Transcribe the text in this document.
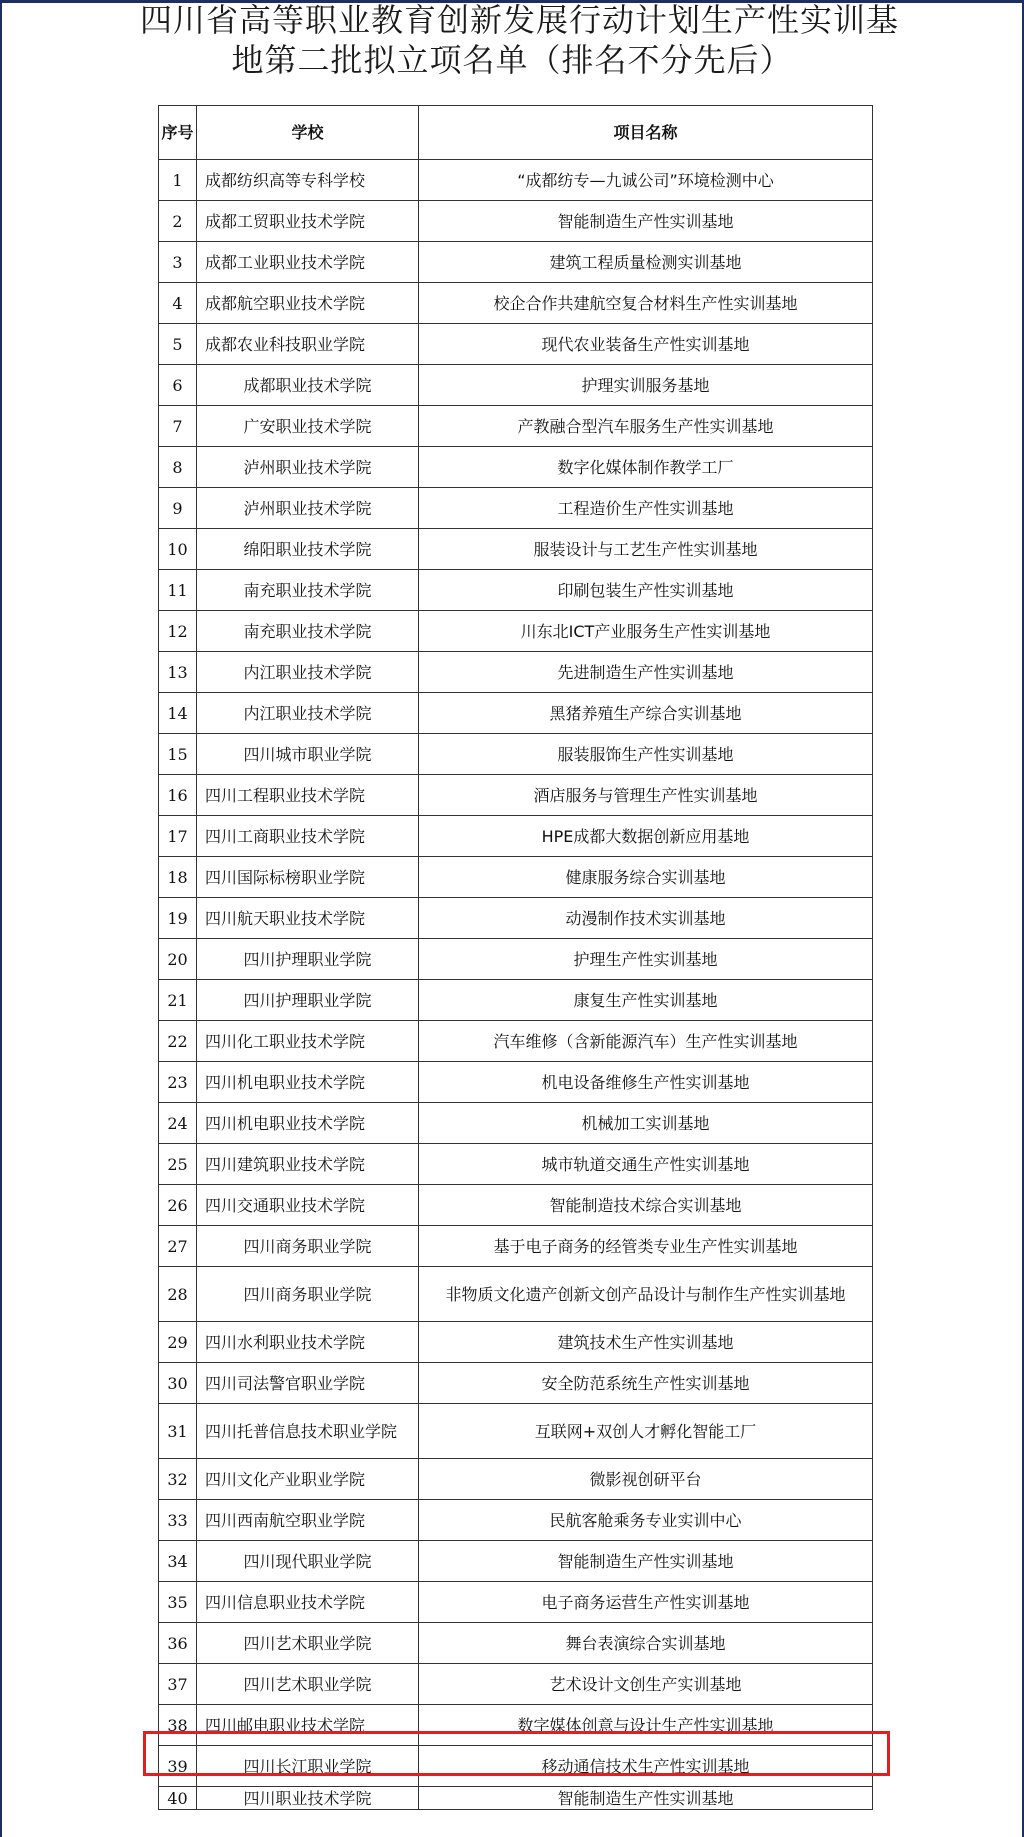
四川省高等职业教育创新发展行动计划生产性实训基
地第二批拟立项名单（排名不分先后）
序号	学校	项目名称
1	成都纺织高等专科学校	“成都纺专—九诚公司”环境检测中心
2	成都工贸职业技术学院	智能制造生产性实训基地
3	成都工业职业技术学院	建筑工程质量检测实训基地
4	成都航空职业技术学院	校企合作共建航空复合材料生产性实训基地
5	成都农业科技职业学院	现代农业装备生产性实训基地
6	成都职业技术学院	护理实训服务基地
7	广安职业技术学院	产教融合型汽车服务生产性实训基地
8	泸州职业技术学院	数字化媒体制作教学工厂
9	泸州职业技术学院	工程造价生产性实训基地
10	绵阳职业技术学院	服装设计与工艺生产性实训基地
11	南充职业技术学院	印刷包装生产性实训基地
12	南充职业技术学院	川东北ICT产业服务生产性实训基地
13	内江职业技术学院	先进制造生产性实训基地
14	内江职业技术学院	黑猪养殖生产综合实训基地
15	四川城市职业学院	服装服饰生产性实训基地
16	四川工程职业技术学院	酒店服务与管理生产性实训基地
17	四川工商职业技术学院	HPE成都大数据创新应用基地
18	四川国际标榜职业学院	健康服务综合实训基地
19	四川航天职业技术学院	动漫制作技术实训基地
20	四川护理职业学院	护理生产性实训基地
21	四川护理职业学院	康复生产性实训基地
22	四川化工职业技术学院	汽车维修（含新能源汽车）生产性实训基地
23	四川机电职业技术学院	机电设备维修生产性实训基地
24	四川机电职业技术学院	机械加工实训基地
25	四川建筑职业技术学院	城市轨道交通生产性实训基地
26	四川交通职业技术学院	智能制造技术综合实训基地
27	四川商务职业学院	基于电子商务的经管类专业生产性实训基地
28	四川商务职业学院	非物质文化遗产创新文创产品设计与制作生产性实训基地
29	四川水利职业技术学院	建筑技术生产性实训基地
30	四川司法警官职业学院	安全防范系统生产性实训基地
31	四川托普信息技术职业学院	互联网+双创人才孵化智能工厂
32	四川文化产业职业学院	微影视创研平台
33	四川西南航空职业学院	民航客舱乘务专业实训中心
34	四川现代职业学院	智能制造生产性实训基地
35	四川信息职业技术学院	电子商务运营生产性实训基地
36	四川艺术职业学院	舞台表演综合实训基地
37	四川艺术职业学院	艺术设计文创生产实训基地
38	四川邮电职业技术学院	数字媒体创意与设计生产性实训基地
39	四川长江职业学院	移动通信技术生产性实训基地
40	四川职业技术学院	智能制造生产性实训基地
